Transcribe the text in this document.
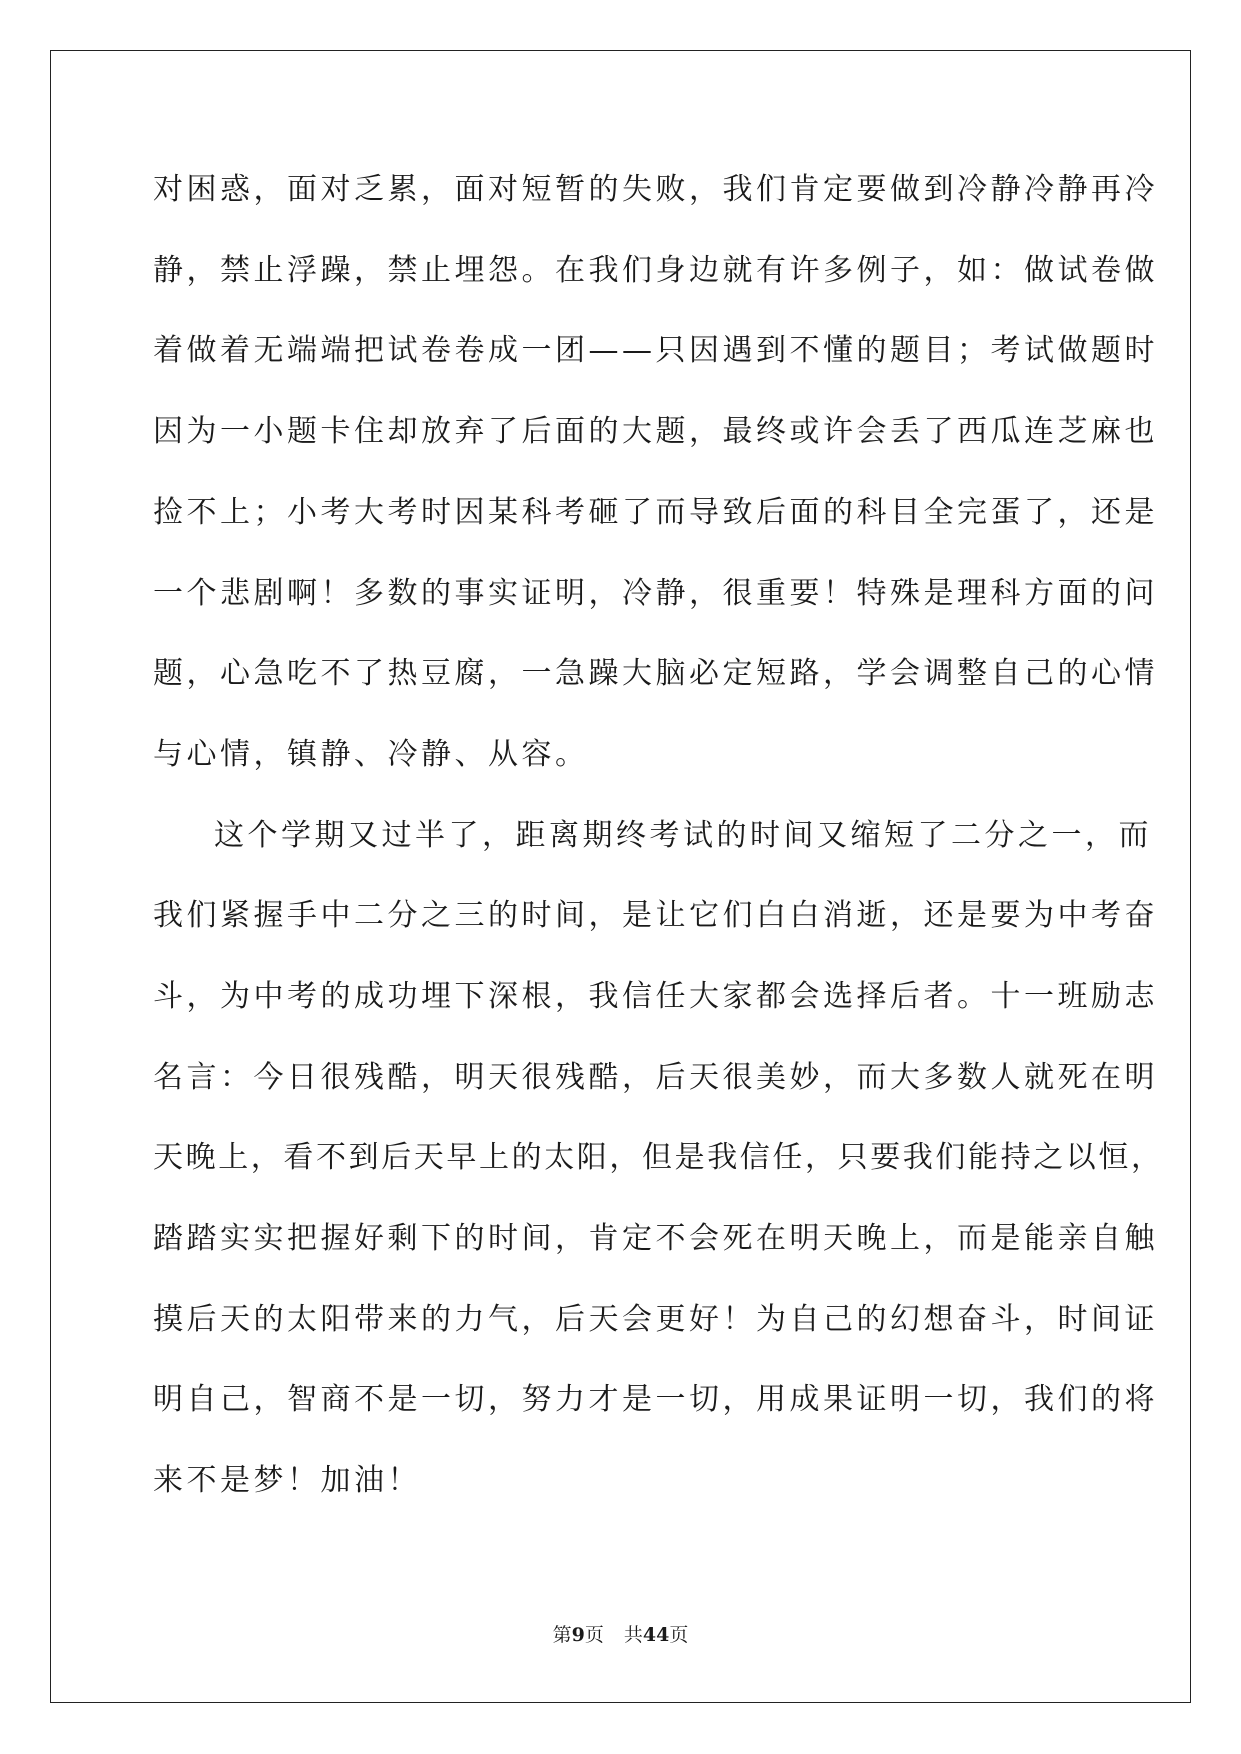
对困惑，面对乏累，面对短暂的失败，我们肯定要做到冷静冷静再冷
静，禁止浮躁，禁止埋怨。在我们身边就有许多例子，如：做试卷做
着做着无端端把试卷卷成一团——只因遇到不懂的题目；考试做题时
因为一小题卡住却放弃了后面的大题，最终或许会丢了西瓜连芝麻也
捡不上；小考大考时因某科考砸了而导致后面的科目全完蛋了，还是
一个悲剧啊！多数的事实证明，冷静，很重要！特殊是理科方面的问
题，心急吃不了热豆腐，一急躁大脑必定短路，学会调整自己的心情
与心情，镇静、冷静、从容。
这个学期又过半了，距离期终考试的时间又缩短了二分之一，而
我们紧握手中二分之三的时间，是让它们白白消逝，还是要为中考奋
斗，为中考的成功埋下深根，我信任大家都会选择后者。十一班励志
名言：今日很残酷，明天很残酷，后天很美妙，而大多数人就死在明
天晚上，看不到后天早上的太阳，但是我信任，只要我们能持之以恒，
踏踏实实把握好剩下的时间，肯定不会死在明天晚上，而是能亲自触
摸后天的太阳带来的力气，后天会更好！为自己的幻想奋斗，时间证
明自己，智商不是一切，努力才是一切，用成果证明一切，我们的将
来不是梦！加油！
第9页 共44页
